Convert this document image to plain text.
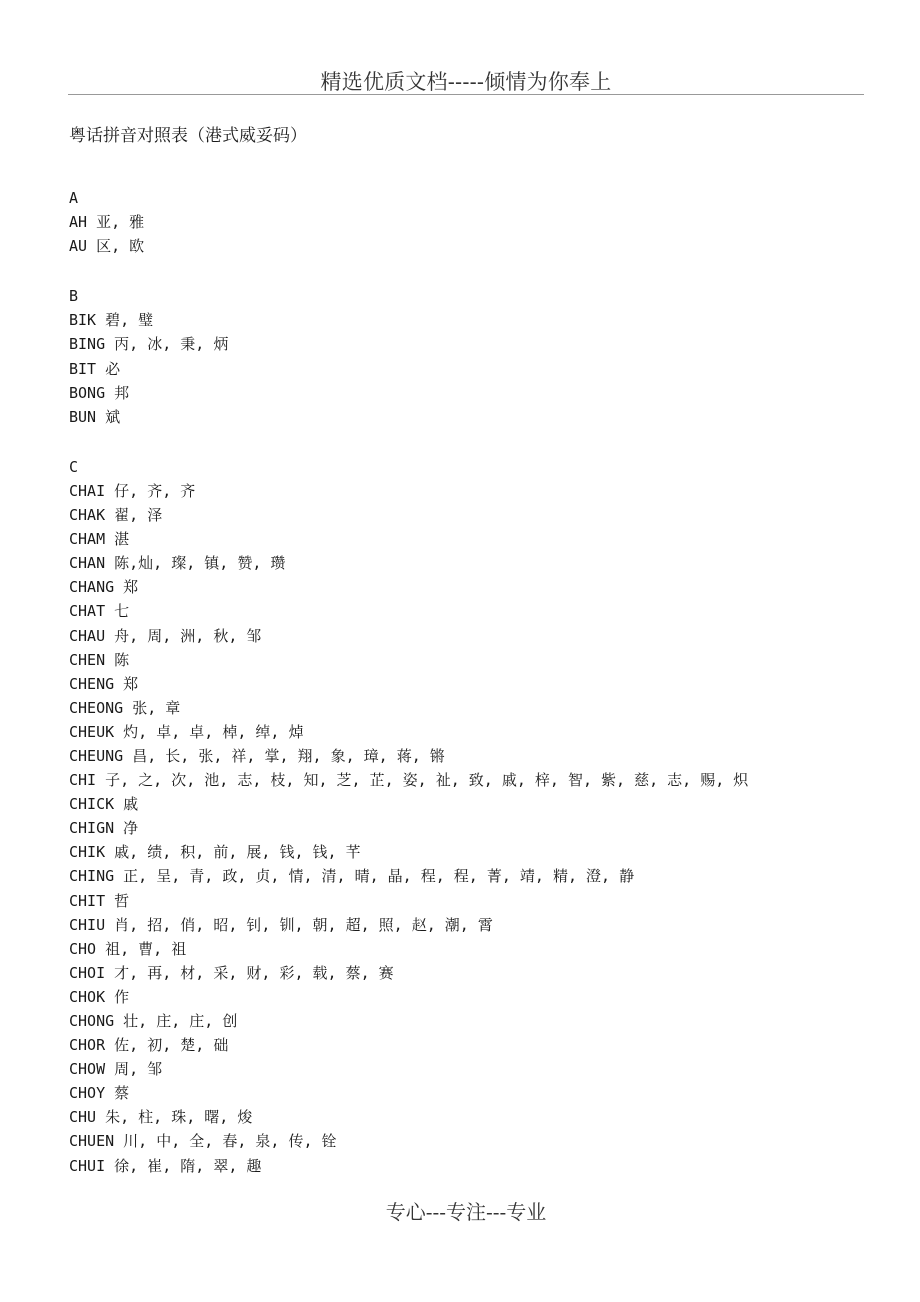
精选优质文档-----倾情为你奉上
粤话拼音对照表（港式威妥码）
A
AH 亚, 雅
AU 区, 欧
B
BIK 碧, 璧
BING 丙, 冰, 秉, 炳
BIT 必
BONG 邦
BUN 斌
C
CHAI 仔, 齐, 齐
CHAK 翟, 泽
CHAM 湛
CHAN 陈,灿, 璨, 镇, 赞, 瓒
CHANG 郑
CHAT 七
CHAU 舟, 周, 洲, 秋, 邹
CHEN 陈
CHENG 郑
CHEONG 张, 章
CHEUK 灼, 卓, 卓, 棹, 绰, 焯
CHEUNG 昌, 长, 张, 祥, 掌, 翔, 象, 璋, 蒋, 锵
CHI 子, 之, 次, 池, 志, 枝, 知, 芝, 芷, 姿, 祉, 致, 戚, 梓, 智, 紫, 慈, 志, 赐, 炽
CHICK 戚
CHIGN 净
CHIK 戚, 绩, 积, 前, 展, 钱, 钱, 芊
CHING 正, 呈, 青, 政, 贞, 情, 清, 晴, 晶, 程, 程, 菁, 靖, 精, 澄, 静
CHIT 哲
CHIU 肖, 招, 俏, 昭, 钊, 钏, 朝, 超, 照, 赵, 潮, 霄
CHO 祖, 曹, 祖
CHOI 才, 再, 材, 采, 财, 彩, 载, 蔡, 赛
CHOK 作
CHONG 壮, 庄, 庄, 创
CHOR 佐, 初, 楚, 础
CHOW 周, 邹
CHOY 蔡
CHU 朱, 柱, 珠, 曙, 焌
CHUEN 川, 中, 全, 春, 泉, 传, 铨
CHUI 徐, 崔, 隋, 翠, 趣
专心---专注---专业
